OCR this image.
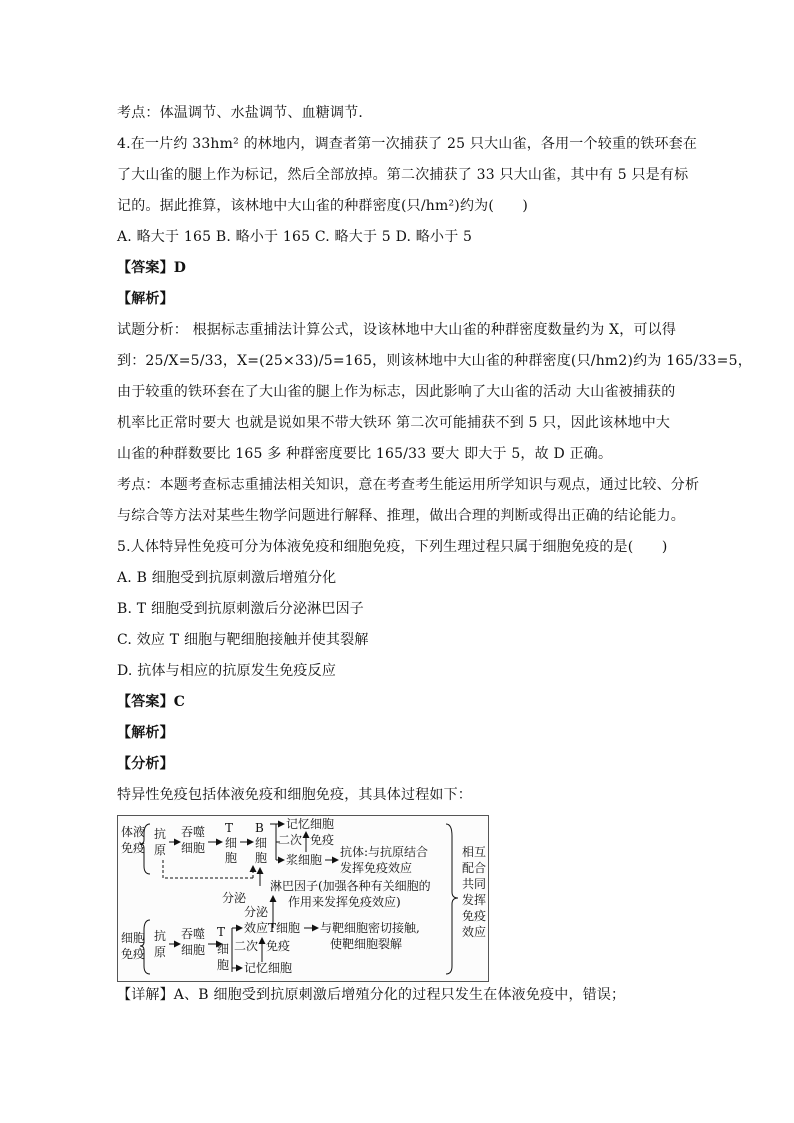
考点：体温调节、水盐调节、血糖调节．
4.在一片约 33hm² 的林地内，调查者第一次捕获了 25 只大山雀，各用一个较重的铁环套在
了大山雀的腿上作为标记，然后全部放掉。第二次捕获了 33 只大山雀，其中有 5 只是有标
记的。据此推算，该林地中大山雀的种群密度(只/hm²)约为(　　)
A. 略大于 165 B. 略小于 165 C. 略大于 5 D. 略小于 5
【答案】D
【解析】
试题分析： 根据标志重捕法计算公式，设该林地中大山雀的种群密度数量约为 X，可以得
到：25/X=5/33，X=(25×33)/5=165，则该林地中大山雀的种群密度(只/hm2)约为 165/33=5，
由于较重的铁环套在了大山雀的腿上作为标志，因此影响了大山雀的活动 大山雀被捕获的
机率比正常时要大 也就是说如果不带大铁环 第二次可能捕获不到 5 只，因此该林地中大
山雀的种群数要比 165 多 种群密度要比 165/33 要大 即大于 5，故 D 正确。
考点：本题考查标志重捕法相关知识，意在考查考生能运用所学知识与观点，通过比较、分析
与综合等方法对某些生物学问题进行解释、推理，做出合理的判断或得出正确的结论能力。
5.人体特异性免疫可分为体液免疫和细胞免疫，下列生理过程只属于细胞免疫的是(　　)
A. B 细胞受到抗原刺激后增殖分化
B. T 细胞受到抗原刺激后分泌淋巴因子
C. 效应 T 细胞与靶细胞接触并使其裂解
D. 抗体与相应的抗原发生免疫反应
【答案】C
【解析】
【分析】
特异性免疫包括体液免疫和细胞免疫，其具体过程如下：
体液
免疫
抗
原
吞噬
细胞
T
细
胞
B
细
胞
记忆细胞
二次 免疫
浆细胞
抗体:与抗原结合
发挥免疫效应
分泌
淋巴因子(加强各种有关细胞的
作用来发挥免疫效应)
分泌
细胞
免疫
抗
原
吞噬
细胞
T
细
胞
效应T细胞 与靶细胞密切接触,
使靶细胞裂解
二次 免疫
记忆细胞
相互
配合
共同
发挥
免疫
效应
【详解】A、B 细胞受到抗原刺激后增殖分化的过程只发生在体液免疫中，错误；
